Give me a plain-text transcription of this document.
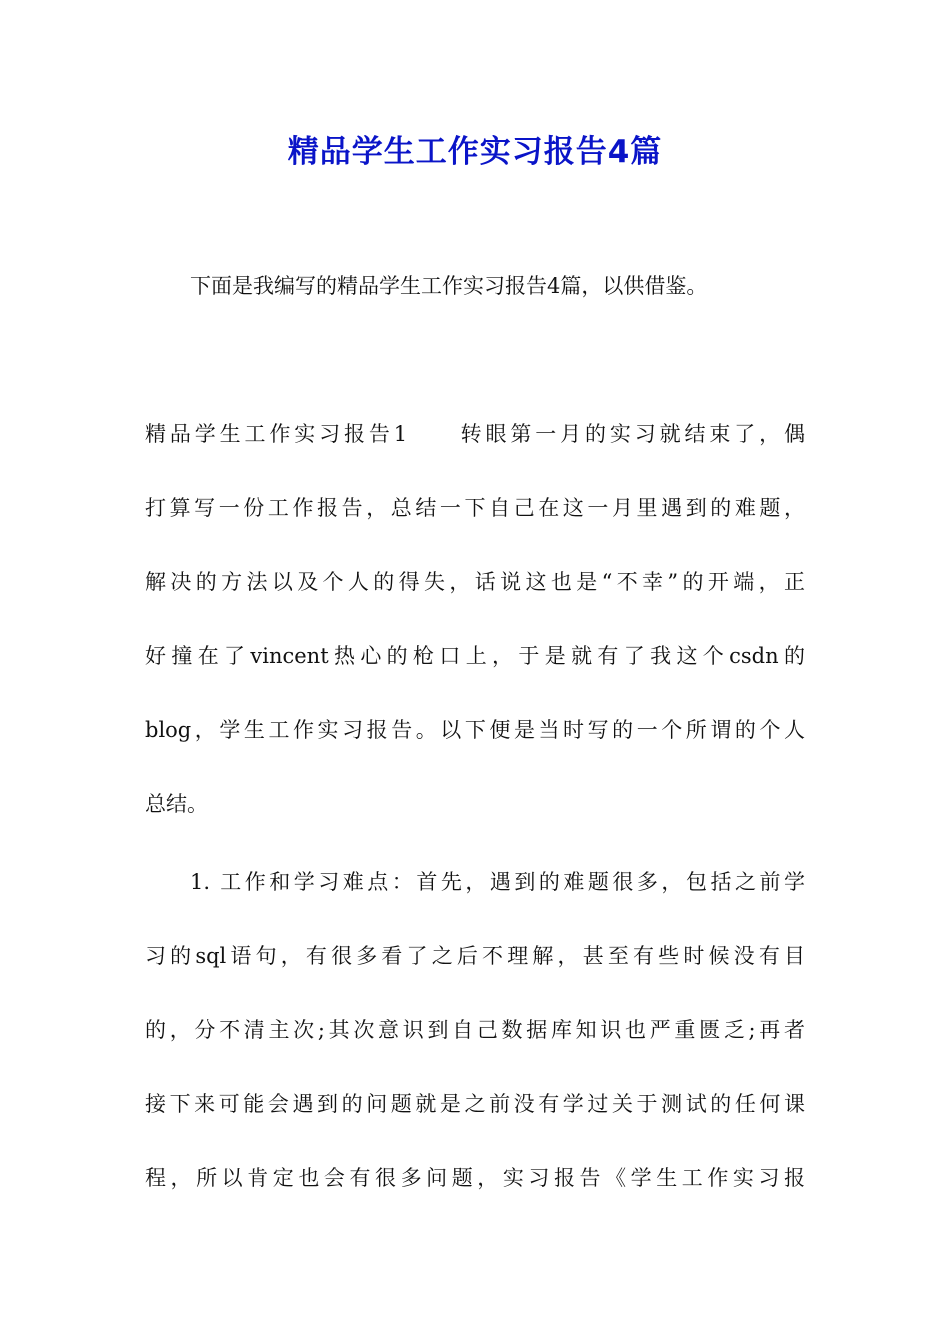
精品学生工作实习报告4篇

下面是我编写的精品学生工作实习报告4篇，以供借鉴。

精品学生工作实习报告1　　转眼第一月的实习就结束了，偶

打算写一份工作报告，总结一下自己在这一月里遇到的难题，

解决的方法以及个人的得失，话说这也是“不幸”的开端，正

好撞在了vincent热心的枪口上，于是就有了我这个csdn的

blog，学生工作实习报告。以下便是当时写的一个所谓的个人

总结。

1. 工作和学习难点：首先，遇到的难题很多，包括之前学

习的sql语句，有很多看了之后不理解，甚至有些时候没有目

的，分不清主次;其次意识到自己数据库知识也严重匮乏;再者

接下来可能会遇到的问题就是之前没有学过关于测试的任何课

程，所以肯定也会有很多问题，实习报告《学生工作实习报
